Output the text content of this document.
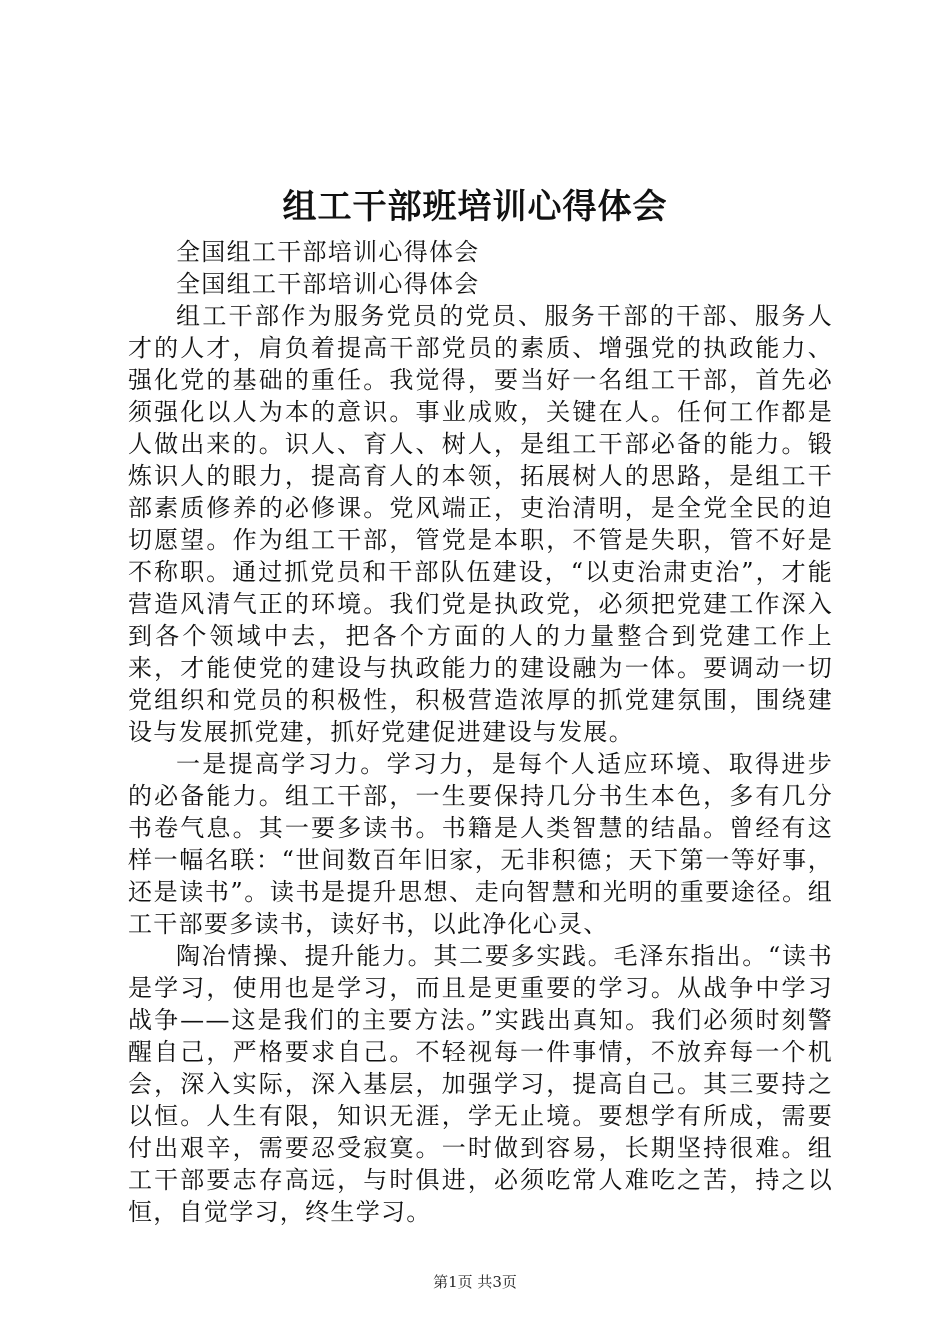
组工干部班培训心得体会

全国组工干部培训心得体会

全国组工干部培训心得体会

组工干部作为服务党员的党员、服务干部的干部、服务人才的人才，肩负着提高干部党员的素质、增强党的执政能力、强化党的基础的重任。我觉得，要当好一名组工干部，首先必须强化以人为本的意识。事业成败，关键在人。任何工作都是人做出来的。识人、育人、树人，是组工干部必备的能力。锻炼识人的眼力，提高育人的本领，拓展树人的思路，是组工干部素质修养的必修课。党风端正，吏治清明，是全党全民的迫切愿望。作为组工干部，管党是本职，不管是失职，管不好是不称职。通过抓党员和干部队伍建设，“以吏治肃吏治”，才能营造风清气正的环境。我们党是执政党，必须把党建工作深入到各个领域中去，把各个方面的人的力量整合到党建工作上来，才能使党的建设与执政能力的建设融为一体。要调动一切党组织和党员的积极性，积极营造浓厚的抓党建氛围，围绕建设与发展抓党建，抓好党建促进建设与发展。

一是提高学习力。学习力，是每个人适应环境、取得进步的必备能力。组工干部，一生要保持几分书生本色，多有几分书卷气息。其一要多读书。书籍是人类智慧的结晶。曾经有这样一幅名联：“世间数百年旧家，无非积德；天下第一等好事，还是读书”。读书是提升思想、走向智慧和光明的重要途径。组工干部要多读书，读好书，以此净化心灵、

陶冶情操、提升能力。其二要多实践。毛泽东指出。“读书是学习，使用也是学习，而且是更重要的学习。从战争中学习战争——这是我们的主要方法。”实践出真知。我们必须时刻警醒自己，严格要求自己。不轻视每一件事情，不放弃每一个机会，深入实际，深入基层，加强学习，提高自己。其三要持之以恒。人生有限，知识无涯，学无止境。要想学有所成，需要付出艰辛，需要忍受寂寞。一时做到容易，长期坚持很难。组工干部要志存高远，与时俱进，必须吃常人难吃之苦，持之以恒，自觉学习，终生学习。

第1页 共3页
